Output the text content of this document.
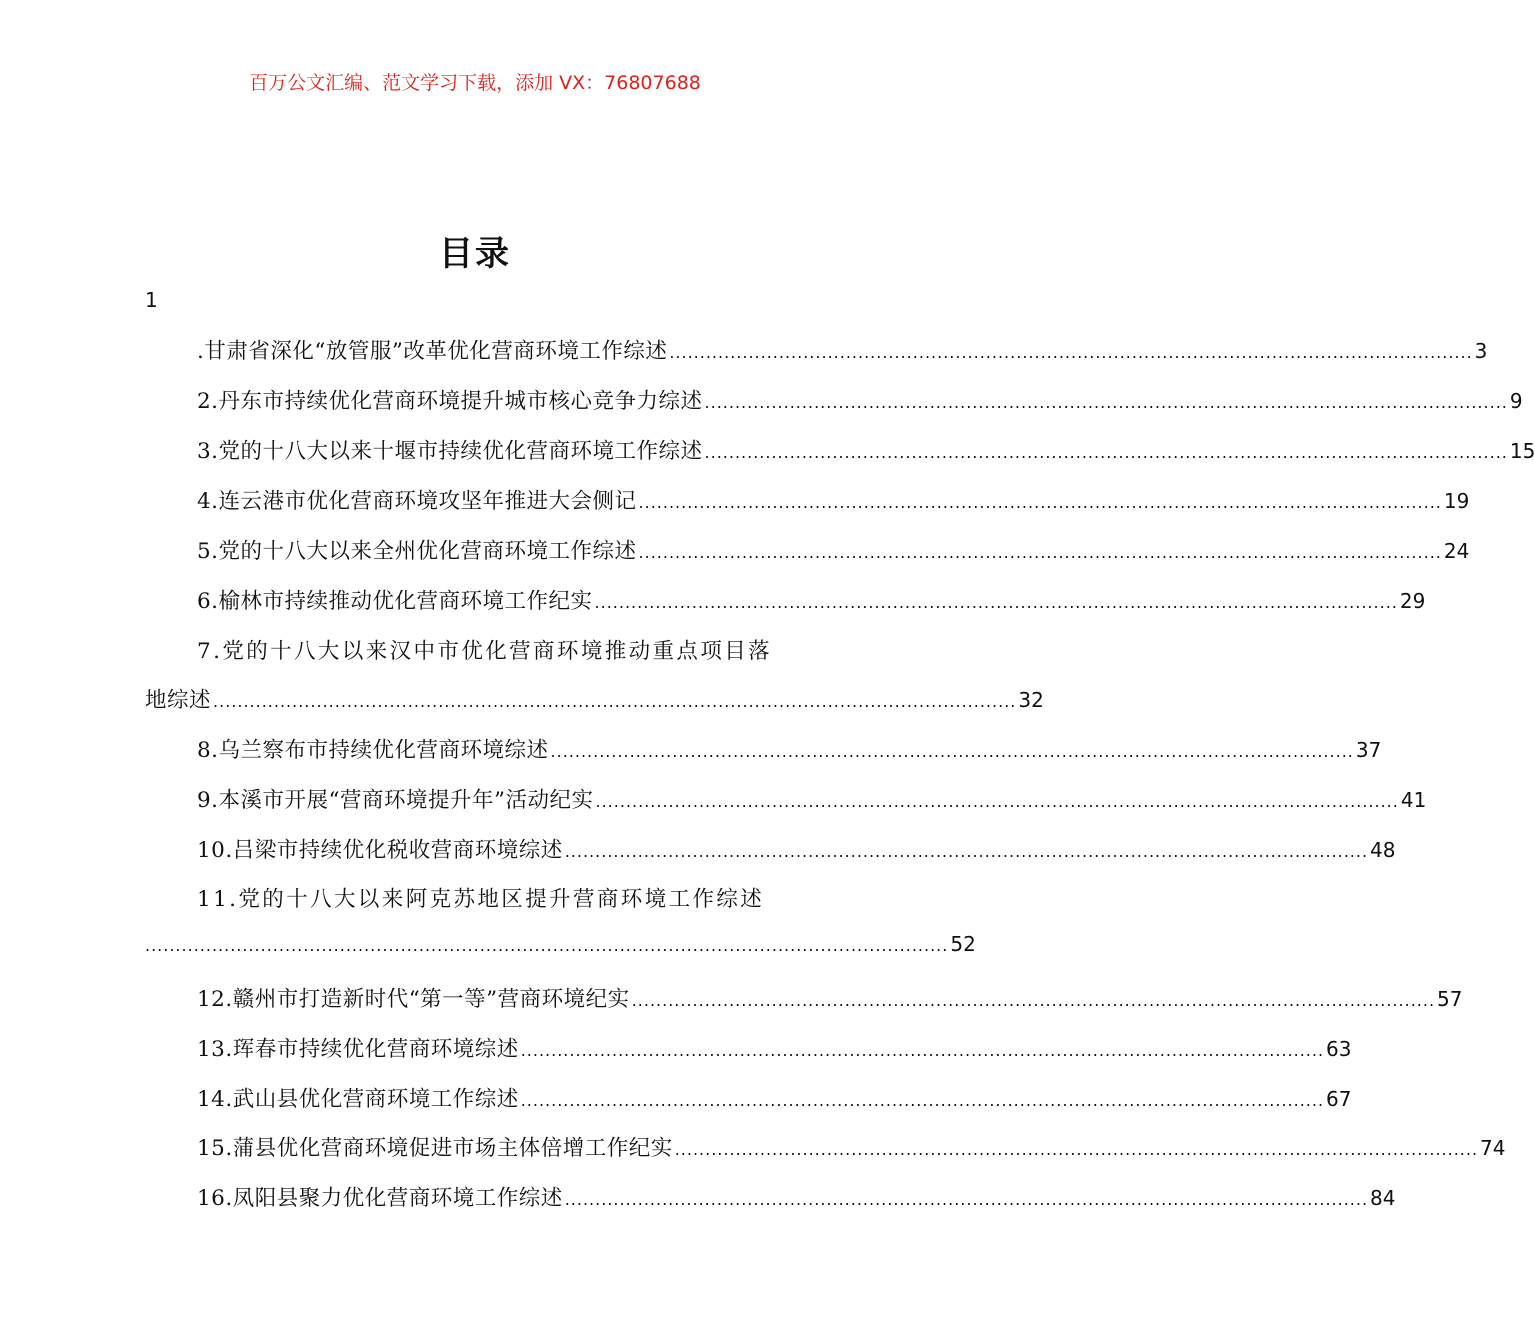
百万公文汇编、范文学习下载，添加 VX：76807688
目录
1
.甘肃省深化“放管服”改革优化营商环境工作综述 .................................................................................................................................... 3
2.丹东市持续优化营商环境提升城市核心竞争力综述 .................................................................................................................................... 9
3.党的十八大以来十堰市持续优化营商环境工作综述 .................................................................................................................................... 15
4.连云港市优化营商环境攻坚年推进大会侧记 .................................................................................................................................... 19
5.党的十八大以来全州优化营商环境工作综述 .................................................................................................................................... 24
6.榆林市持续推动优化营商环境工作纪实 .................................................................................................................................... 29
7.党的十八大以来汉中市优化营商环境推动重点项目落
地综述 .................................................................................................................................... 32
8.乌兰察布市持续优化营商环境综述 .................................................................................................................................... 37
9.本溪市开展“营商环境提升年”活动纪实 .................................................................................................................................... 41
10.吕梁市持续优化税收营商环境综述 .................................................................................................................................... 48
11.党的十八大以来阿克苏地区提升营商环境工作综述
.................................................................................................................................... 52
12.赣州市打造新时代“第一等”营商环境纪实 .................................................................................................................................... 57
13.珲春市持续优化营商环境综述 .................................................................................................................................... 63
14.武山县优化营商环境工作综述 .................................................................................................................................... 67
15.蒲县优化营商环境促进市场主体倍增工作纪实 .................................................................................................................................... 74
16.凤阳县聚力优化营商环境工作综述 .................................................................................................................................... 84
